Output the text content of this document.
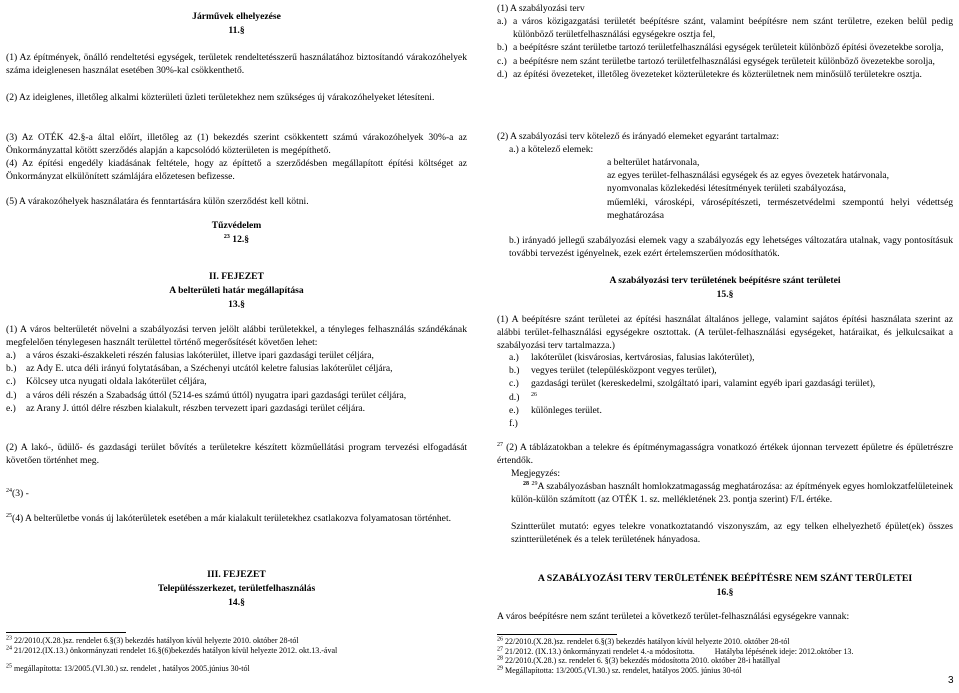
Járművek elhelyezése
11.§

(1) Az építmények, önálló rendeltetési egységek, területek rendeltetésszerű használatához biztosítandó várakozóhelyek száma ideiglenesen használat esetében 30%-kal csökkenthető.

(2) Az ideiglenes, illetőleg alkalmi közterületi üzleti területekhez nem szükséges új várakozóhelyeket létesíteni.

(3) Az OTÉK 42.§-a által előírt, illetőleg az (1) bekezdés szerint csökkentett számú várakozóhelyek 30%-a az Önkormányzattal kötött szerződés alapján a kapcsolódó közterületen is megépíthető.

(4) Az építési engedély kiadásának feltétele, hogy az építtető a szerződésben megállapított építési költséget az Önkormányzat elkülönített számlájára előzetesen befizesse.

(5) A várakozóhelyek használatára és fenntartására külön szerződést kell kötni.

Tűzvédelem
$^{23}$ 12.§
II. FEJEZET
A belterületi határ megállapítása
13.§

(1) A város belterületét növelni a szabályozási terven jelölt alábbi területekkel, a tényleges felhasználás szándékának megfelelően ténylegesen használt területtel történő megerősítését követően lehet:

a.)	a város északi-északkeleti részén falusias lakóterület, illetve ipari gazdasági terület céljára,
b.)	az Ady E. utca déli irányú folytatásában, a Széchenyi utcától keletre falusias lakóterület céljára,
c.)	Kölcsey utca nyugati oldala lakóterület céljára,
d.)	a város déli részén a Szabadság úttól (5214-es számú úttól) nyugatra ipari gazdasági terület céljára,
e.)	az Arany J. úttól délre részben kialakult, részben tervezett ipari gazdasági terület céljára.

(2) A lakó-, üdülő- és gazdasági terület bővítés a területekre készített közműellátási program tervezési elfogadását követően történhet meg.

$^{24}$(3) -

$^{25}$(4) A belterületbe vonás új lakóterületek esetében a már kialakult területekhez csatlakozva folyamatosan történhet.

III. FEJEZET
Településszerkezet, területfelhasználás
14.§
$^{23}$ 22/2010.(X.28.)sz. rendelet 6.§(3) bekezdés hatályon kívül helyezte 2010. október 28-tól
$^{24}$ 21/2012.(IX.13.) önkormányzati rendelet 16.§(6)bekezdés hatályon kívül helyezte 2012. okt.13.-ával
$^{25}$ megállapította: 13/2005.(VI.30.) sz. rendelet , hatályos 2005.június 30-tól

(1) A szabályozási terv

a.) a város közigazgatási területét beépítésre szánt, valamint beépítésre nem szánt területre, ezeken belül pedig különböző területfelhasználási egységekre osztja fel,
b.) a beépítésre szánt területbe tartozó területfelhasználási egységek területeit különböző építési övezetekbe sorolja,
c.) a beépítésre nem szánt területbe tartozó területfelhasználási egységek területeit különböző övezetekbe sorolja,
d.) az építési övezeteket, illetőleg övezeteket közterületekre és közterületnek nem minősülő területekre osztja.

(2) A szabályozási terv kötelező és irányadó elemeket egyaránt tartalmaz:

a.) a kötelező elemek:
a belterület határvonala,
az egyes terület-felhasználási egységek és az egyes övezetek határvonala,
nyomvonalas közlekedési létesítmények területi szabályozása,
műemléki, városképi, városépítészeti, természetvédelmi szempontú helyi védettség meghatározása
b.) irányadó jellegű szabályozási elemek vagy a szabályozás egy lehetséges változatára utalnak, vagy pontosításuk további tervezést igényelnek, ezek ezért értelemszerűen módosíthatók.
A szabályozási terv területének beépítésre szánt területei
15.§

(1) A beépítésre szánt területei az építési használat általános jellege, valamint sajátos építési használata szerint az alábbi terület-felhasználási egységekre osztottak. (A terület-felhasználási egységeket, határaikat, és jelkulcsaikat a szabályozási terv tartalmazza.)

a.)	lakóterület (kisvárosias, kertvárosias, falusias lakóterület),
b.)	vegyes terület (településközpont vegyes terület),
c.)	gazdasági terület (kereskedelmi, szolgáltató ipari, valamint egyéb ipari gazdasági terület),
d.)	$^{26}$
e.)	különleges terület.
f.)

$^{27}$ (2) A táblázatokban a telekre és építménymagasságra vonatkozó értékek újonnan tervezett épületre és épületrészre értendők.

Megjegyzés:

$^{28}$ $^{29}$A szabályozásban használt homlokzatmagasság meghatározása: az építmények egyes homlokzatfelületeinek külön-külön számított (az OTÉK 1. sz. mellékletének 23. pontja szerint) F/L értéke.

Szintterület mutató: egyes telekre vonatkoztatandó viszonyszám, az egy telken elhelyezhető épület(ek) összes szintterületének és a telek területének hányadosa.

A SZABÁLYOZÁSI TERV TERÜLETÉNEK BEÉPÍTÉSRE NEM SZÁNT TERÜLETEI
16.§

A város beépítésre nem szánt területei a következő terület-felhasználási egységekre vannak:

$^{26}$ 22/2010.(X.28.)sz. rendelet 6.§(3) bekezdés hatályon kívül helyezte 2010. október 28-tól
$^{27}$ 21/2012. (IX.13.) önkormányzati rendelet 4.-a módosította.          Hatályba lépésének ideje: 2012.október 13.
$^{28}$ 22/2010.(X.28.) sz. rendelet 6. §(3) bekezdés módosította 2010. október 28-i hatállyal
$^{29}$ Megállapította: 13/2005.(VI.30.) sz. rendelet, hatályos 2005. június 30-tól
3
